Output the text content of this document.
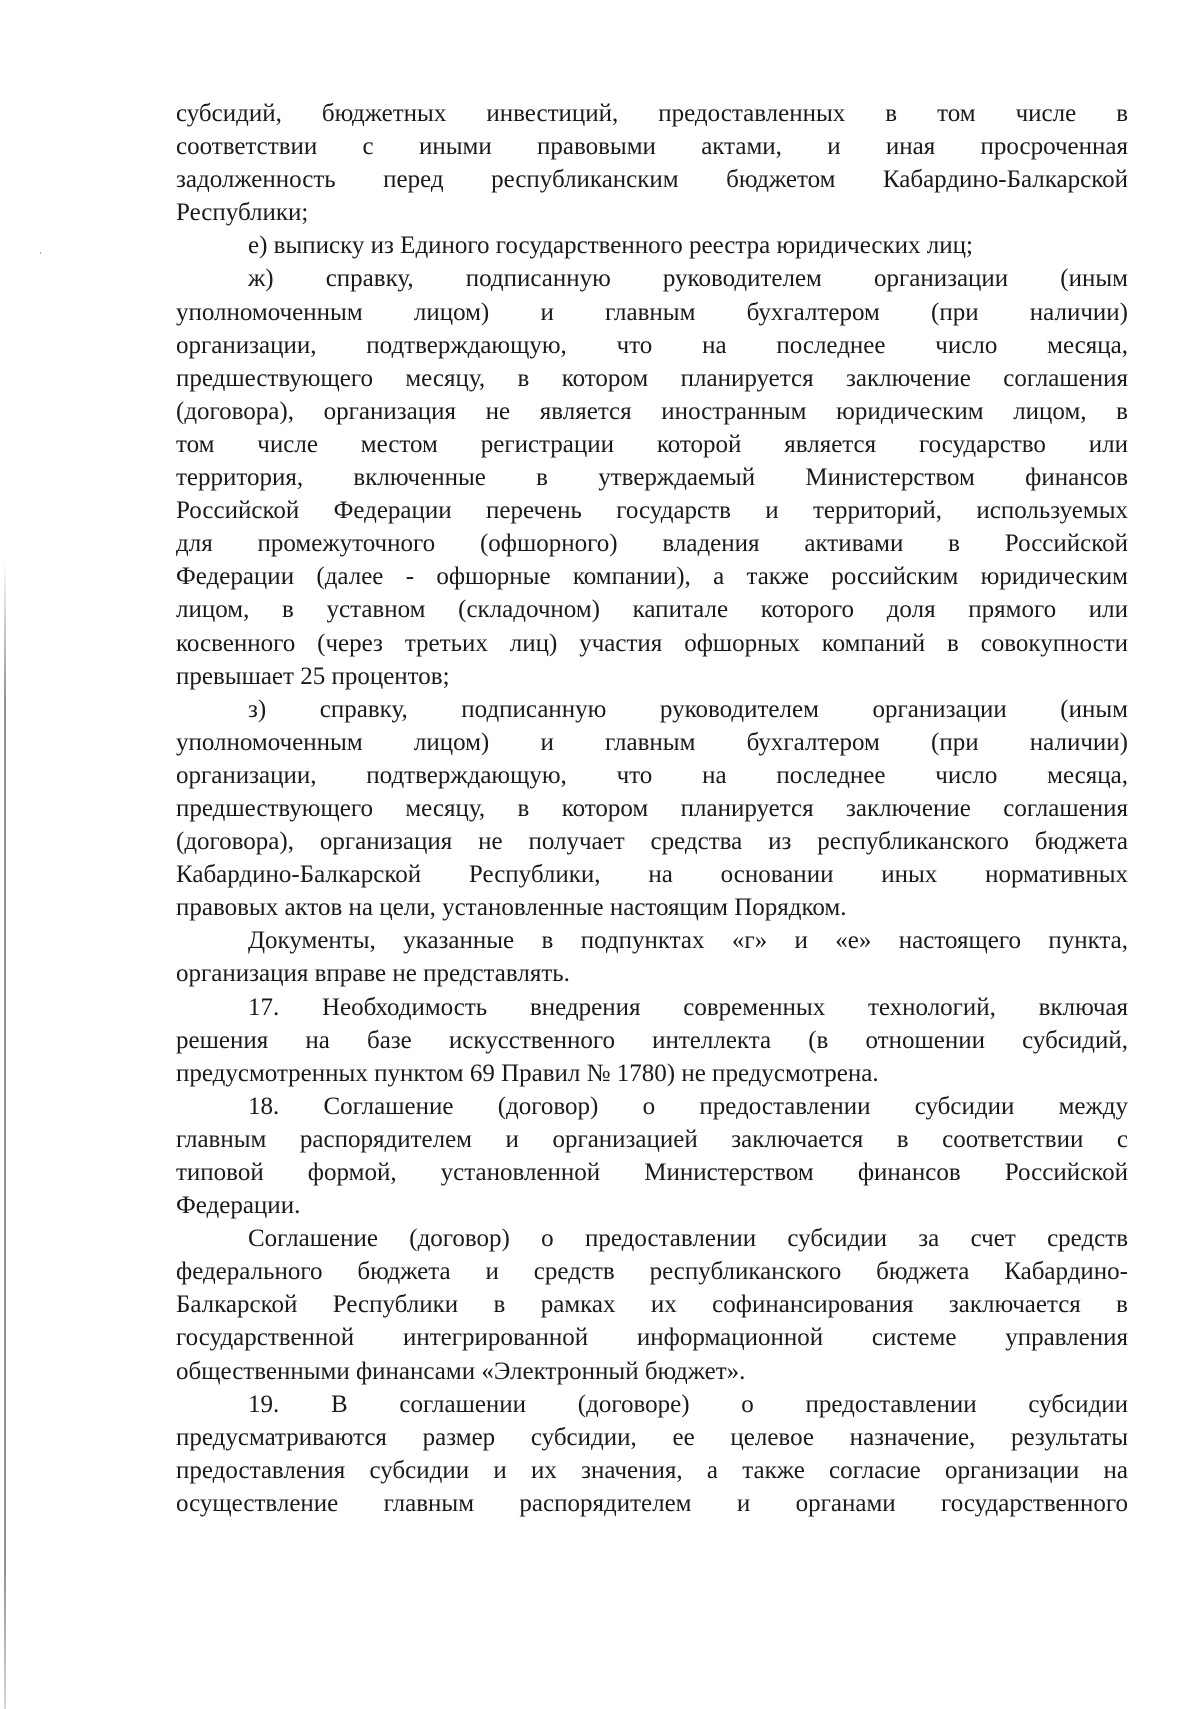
субсидий, бюджетных инвестиций, предоставленных в том числе в
соответствии с иными правовыми актами, и иная просроченная
задолженность перед республиканским бюджетом Кабардино-Балкарской
Республики;
е) выписку из Единого государственного реестра юридических лиц;
ж) справку, подписанную руководителем организации (иным
уполномоченным лицом) и главным бухгалтером (при наличии)
организации, подтверждающую, что на последнее число месяца,
предшествующего месяцу, в котором планируется заключение соглашения
(договора), организация не является иностранным юридическим лицом, в
том числе местом регистрации которой является государство или
территория, включенные в утверждаемый Министерством финансов
Российской Федерации перечень государств и территорий, используемых
для промежуточного (офшорного) владения активами в Российской
Федерации (далее - офшорные компании), а также российским юридическим
лицом, в уставном (складочном) капитале которого доля прямого или
косвенного (через третьих лиц) участия офшорных компаний в совокупности
превышает 25 процентов;
з) справку, подписанную руководителем организации (иным
уполномоченным лицом) и главным бухгалтером (при наличии)
организации, подтверждающую, что на последнее число месяца,
предшествующего месяцу, в котором планируется заключение соглашения
(договора), организация не получает средства из республиканского бюджета
Кабардино-Балкарской Республики, на основании иных нормативных
правовых актов на цели, установленные настоящим Порядком.
Документы, указанные в подпунктах «г» и «е» настоящего пункта,
организация вправе не представлять.
17. Необходимость внедрения современных технологий, включая
решения на базе искусственного интеллекта (в отношении субсидий,
предусмотренных пунктом 69 Правил № 1780) не предусмотрена.
18. Соглашение (договор) о предоставлении субсидии между
главным распорядителем и организацией заключается в соответствии с
типовой формой, установленной Министерством финансов Российской
Федерации.
Соглашение (договор) о предоставлении субсидии за счет средств
федерального бюджета и средств республиканского бюджета Кабардино-
Балкарской Республики в рамках их софинансирования заключается в
государственной интегрированной информационной системе управления
общественными финансами «Электронный бюджет».
19. В соглашении (договоре) о предоставлении субсидии
предусматриваются размер субсидии, ее целевое назначение, результаты
предоставления субсидии и их значения, а также согласие организации на
осуществление главным распорядителем и органами государственного
